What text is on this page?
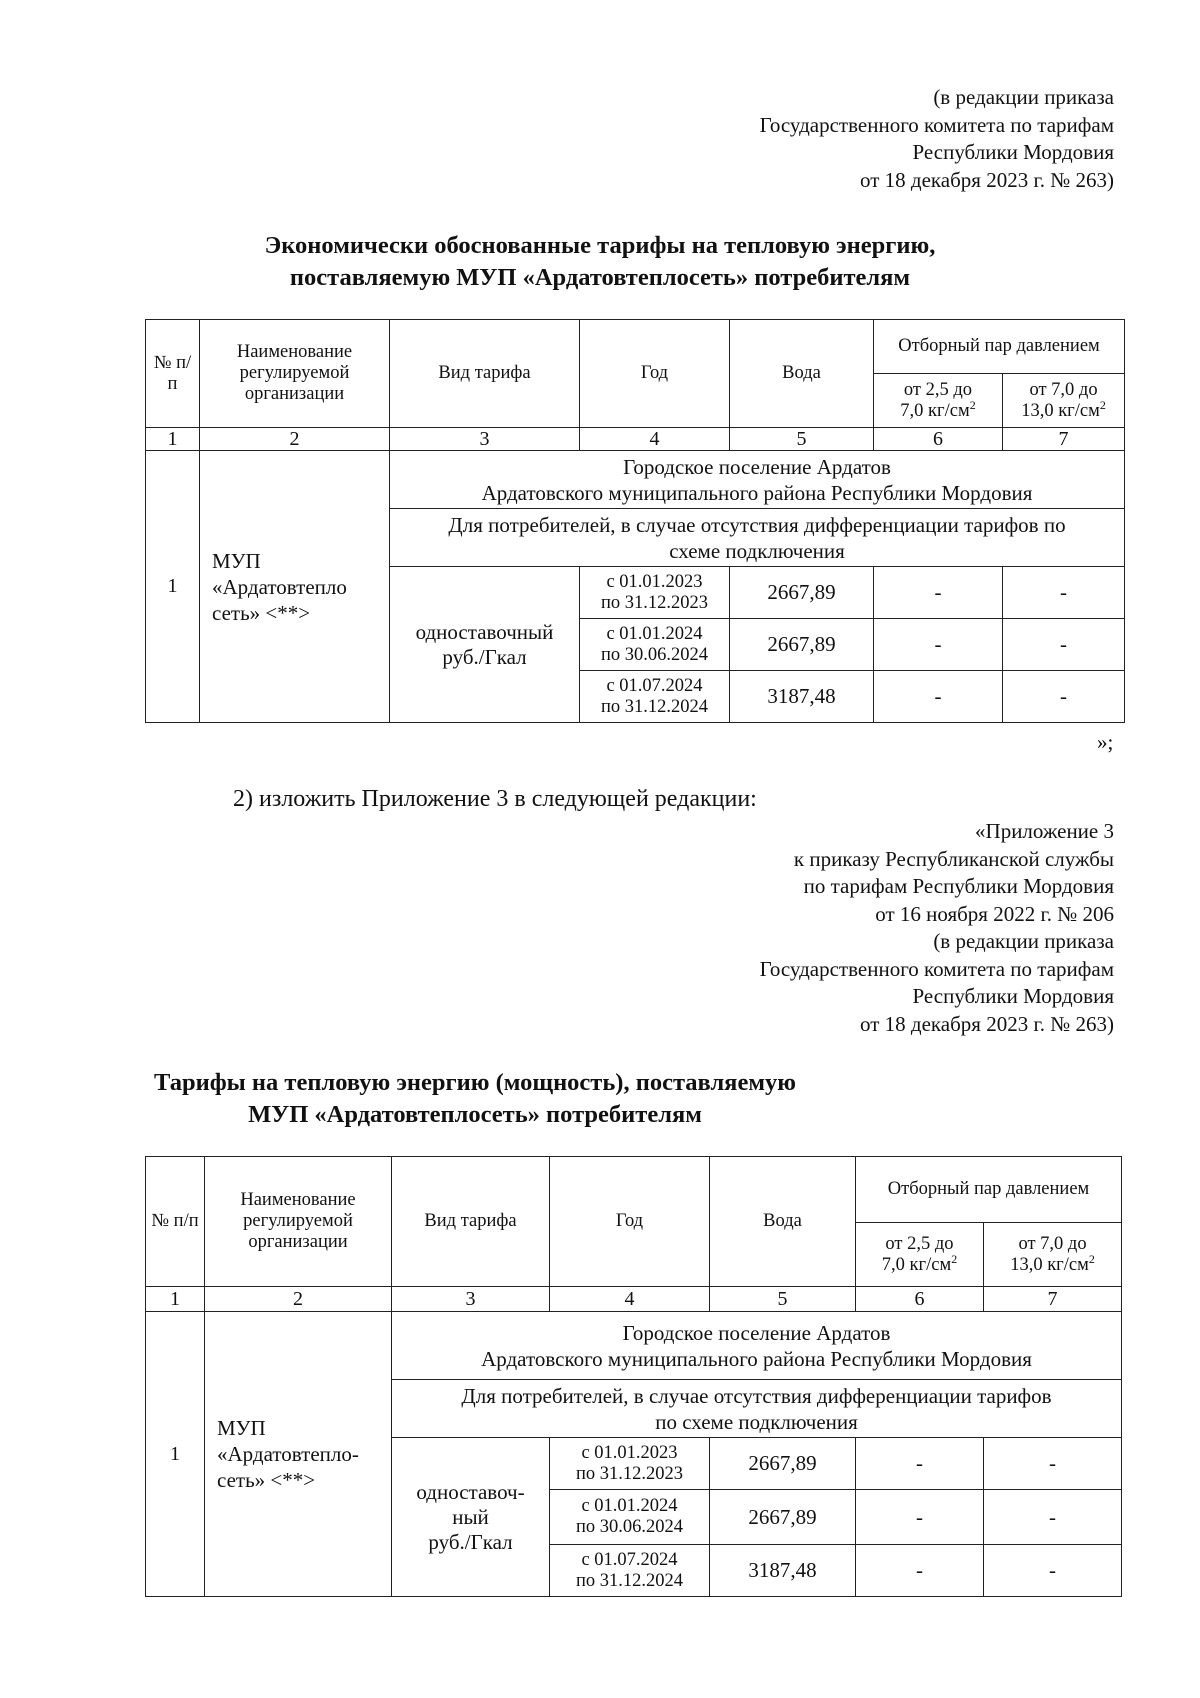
(в редакции приказа
Государственного комитета по тарифам
Республики Мордовия
от 18 декабря 2023 г. № 263)
Экономически обоснованные тарифы на тепловую энергию,
поставляемую МУП «Ардатовтеплосеть» потребителям
№ п/п	Наименование регулируемой организации	Вид тарифа	Год	Вода	Отборный пар давлением	
					от 2,5 до
7,0 $кг/см^2$	от 7,0 до
13,0 $кг/см^2$
1	2	3	4	5	6	7
1	МУП
«Ардатовтепло
сеть» <**>	Городское поселение Ардатов
Ардатовского муниципального района Республики Мордовия				
		Для потребителей, в случае отсутствия дифференциации тарифов по
схеме подключения				
		одноставочный
руб./Гкал	с 01.01.2023
по 31.12.2023	2667,89	-	-
			с 01.01.2024
по 30.06.2024	2667,89	-	-
			с 01.07.2024
по 31.12.2024	3187,48	-	-
»;
2) изложить Приложение 3 в следующей редакции:
«Приложение 3
к приказу Республиканской службы
по тарифам Республики Мордовия
от 16 ноября 2022 г. № 206
(в редакции приказа
Государственного комитета по тарифам
Республики Мордовия
от 18 декабря 2023 г. № 263)
Тарифы на тепловую энергию (мощность), поставляемую
МУП «Ардатовтеплосеть» потребителям
№ п/п	Наименование регулируемой организации	Вид тарифа	Год	Вода	Отборный пар давлением	
					от 2,5 до
7,0 $кг/см^2$	от 7,0 до
13,0 $кг/см^2$
1	2	3	4	5	6	7
1	МУП
«Ардатовтепло-
сеть» <**>	Городское поселение Ардатов
Ардатовского муниципального района Республики Мордовия				
		Для потребителей, в случае отсутствия дифференциации тарифов
по схеме подключения				
		одноставоч-
ный
руб./Гкал	с 01.01.2023
по 31.12.2023	2667,89	-	-
			с 01.01.2024
по 30.06.2024	2667,89	-	-
			с 01.07.2024
по 31.12.2024	3187,48	-	-
